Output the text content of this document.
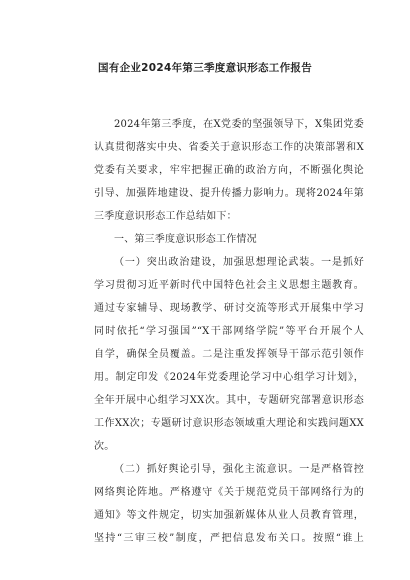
国有企业2024年第三季度意识形态工作报告
2024年第三季度，在X党委的坚强领导下，X集团党委
认真贯彻落实中央、省委关于意识形态工作的决策部署和X
党委有关要求，牢牢把握正确的政治方向，不断强化舆论
引导、加强阵地建设、提升传播力影响力。现将2024年第
三季度意识形态工作总结如下：
一、第三季度意识形态工作情况
（一）突出政治建设，加强思想理论武装。一是抓好
学习贯彻习近平新时代中国特色社会主义思想主题教育。
通过专家辅导、现场教学、研讨交流等形式开展集中学习
同时依托“学习强国”“X干部网络学院”等平台开展个人
自学，确保全员覆盖。二是注重发挥领导干部示范引领作
用。制定印发《2024年党委理论学习中心组学习计划》，
全年开展中心组学习XX次。其中，专题研究部署意识形态
工作XX次；专题研讨意识形态领域重大理论和实践问题XX
次。
（二）抓好舆论引导，强化主流意识。一是严格管控
网络舆论阵地。严格遵守《关于规范党员干部网络行为的
通知》等文件规定，切实加强新媒体从业人员教育管理，
坚持“三审三校”制度，严把信息发布关口。按照“谁上
